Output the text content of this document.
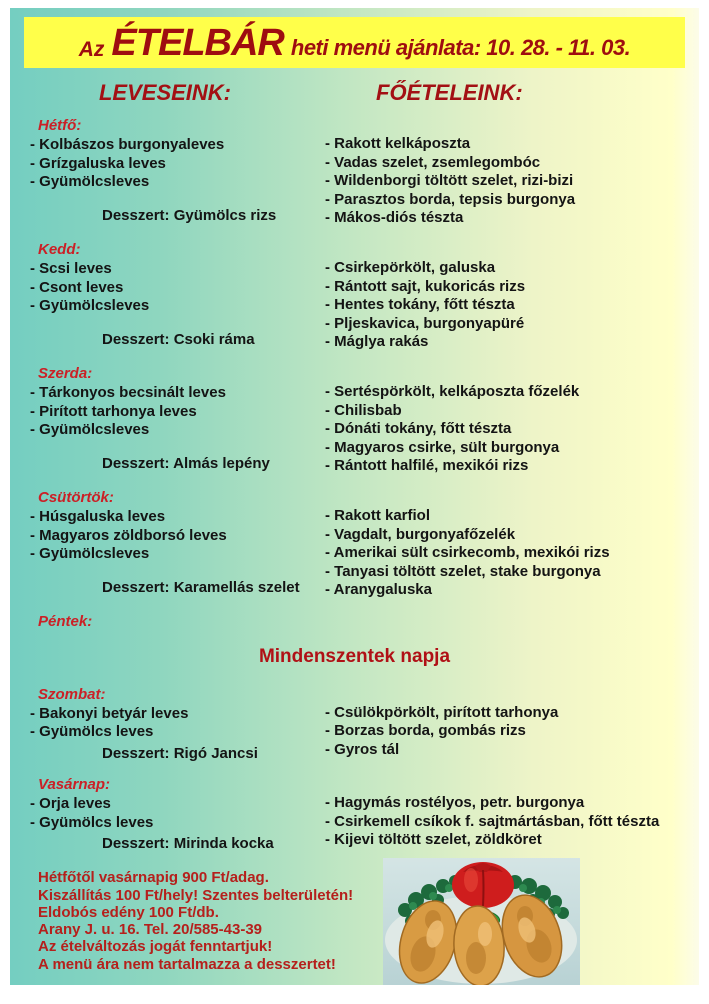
Az ÉTELBÁR heti menü ajánlata: 10. 28. - 11. 03.
LEVESEINK:	FŐÉTELEINK:
Hétfő:
- Kolbászos burgonyaleves
- Grízgaluska leves
- Gyümölcsleves
Desszert: Gyümölcs rizs
- Rakott kelkáposzta
- Vadas szelet, zsemlegombóc
- Wildenborgi töltött szelet, rizi-bizi
- Parasztos borda, tepsis burgonya
- Mákos-diós tészta
Kedd:
- Scsi leves
- Csont leves
- Gyümölcsleves
Desszert: Csoki ráma
- Csirkepörkölt, galuska
- Rántott sajt, kukoricás rizs
- Hentes tokány, főtt tészta
- Pljeskavica, burgonyapüré
- Máglya rakás
Szerda:
- Tárkonyos becsinált leves
- Pirított tarhonya leves
- Gyümölcsleves
Desszert: Almás lepény
- Sertéspörkölt, kelkáposzta főzelék
- Chilisbab
- Dónáti tokány, főtt tészta
- Magyaros csirke, sült burgonya
- Rántott halfilé, mexikói rizs
Csütörtök:
- Húsgaluska leves
- Magyaros zöldborsó leves
- Gyümölcsleves
Desszert: Karamellás szelet
- Rakott karfiol
- Vagdalt, burgonyafőzelék
- Amerikai sült csirkecomb, mexikói rizs
- Tanyasi töltött szelet, stake burgonya
- Aranygaluska
Péntek:
Mindenszentek napja
Szombat:
- Bakonyi betyár leves
- Gyümölcs leves
Desszert: Rigó Jancsi
- Csülökpörkölt, pirított tarhonya
- Borzas borda, gombás rizs
- Gyros tál
Vasárnap:
- Orja leves
- Gyümölcs leves
Desszert: Mirinda kocka
- Hagymás rostélyos, petr. burgonya
- Csirkemell csíkok f. sajtmártásban, főtt tészta
- Kijevi töltött szelet, zöldköret
Hétfőtől vasárnapig 900 Ft/adag.
Kiszállítás 100 Ft/hely! Szentes belterületén!
Eldobós edény 100 Ft/db.
Arany J. u. 16. Tel. 20/585-43-39
Az ételváltozás jogát fenntartjuk!
A menü ára nem tartalmazza a desszertet!
